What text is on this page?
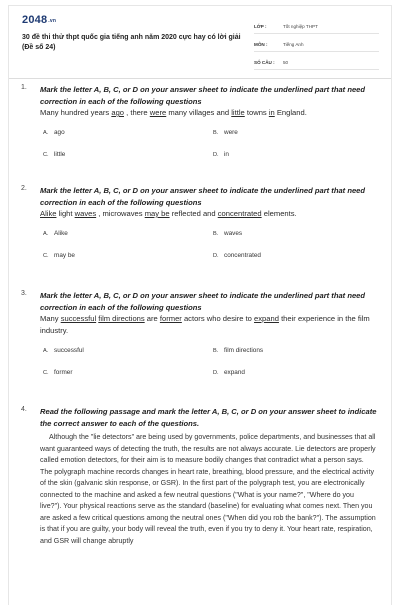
2048.vn
30 đề thi thử thpt quốc gia tiếng anh năm 2020 cực hay có lời giải (Đề số 24)
LỚP :	Tốt nghiệp THPT
MÔN :	Tiếng Anh
SỐ CÂU :	50
1. Mark the letter A, B, C, or D on your answer sheet to indicate the underlined part that need correction in each of the following questions
Many hundred years ago , there were many villages and little towns in England.
A. ago	B. were
C. little	D. in
2. Mark the letter A, B, C, or D on your answer sheet to indicate the underlined part that need correction in each of the following questions
Alike light waves , microwaves may be reflected and concentrated elements.
A. Alike	B. waves
C. may be	D. concentrated
3. Mark the letter A, B, C, or D on your answer sheet to indicate the underlined part that need correction in each of the following questions
Many successful film directions are former actors who desire to expand their experience in the film industry.
A. successful	B. film directions
C. former	D. expand
4. Read the following passage and mark the letter A, B, C, or D on your answer sheet to indicate the correct answer to each of the questions.
Although the "lie detectors" are being used by governments, police departments, and businesses that all want guaranteed ways of detecting the truth, the results are not always accurate. Lie detectors are properly called emotion detectors, for their aim is to measure bodily changes that contradict what a person says. The polygraph machine records changes in heart rate, breathing, blood pressure, and the electrical activity of the skin (galvanic skin response, or GSR). In the first part of the polygraph test, you are electronically connected to the machine and asked a few neutral questions ("What is your name?", "Where do you live?"). Your physical reactions serve as the standard (baseline) for evaluating what comes next. Then you are asked a few critical questions among the neutral ones ("When did you rob the bank?"). The assumption is that if you are guilty, your body will reveal the truth, even if you try to deny it. Your heart rate, respiration, and GSR will change abruptly
